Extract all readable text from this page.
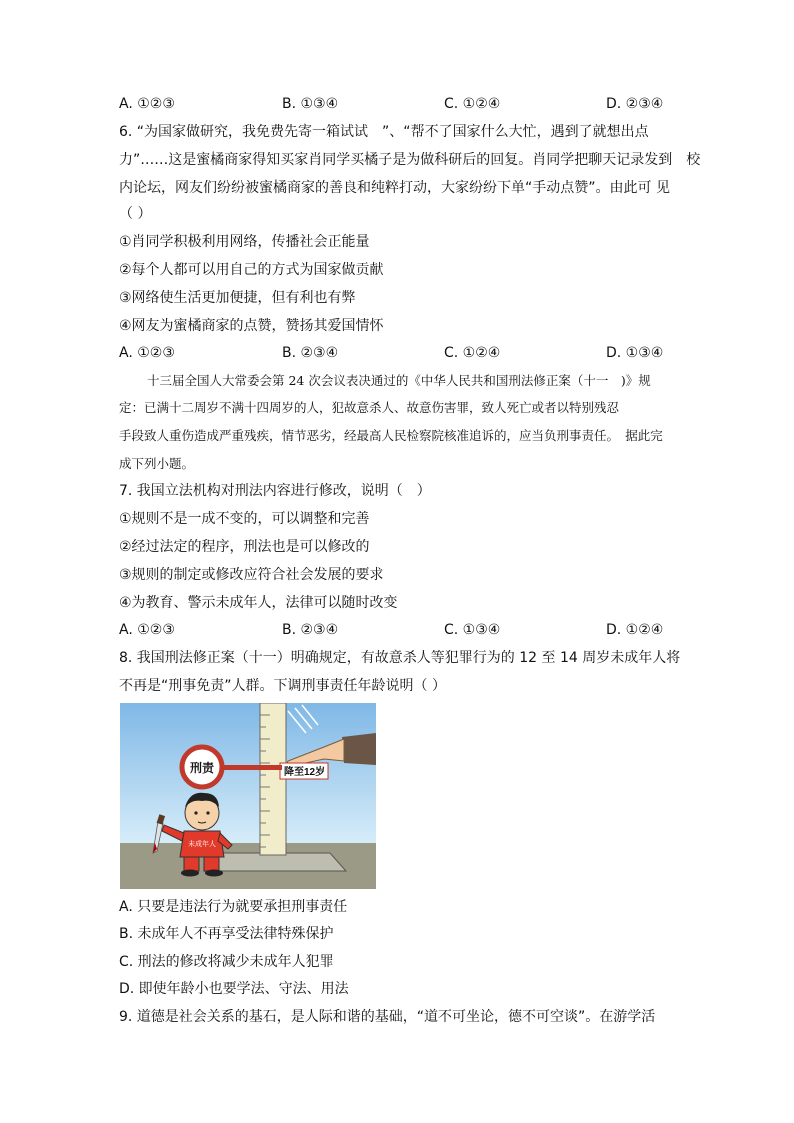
A. ①②③	B. ①③④	C. ①②④	D. ②③④
6. “为国家做研究，我免费先寄一箱试试　”、“帮不了国家什么大忙，遇到了就想出点
力”……这是蜜橘商家得知买家肖同学买橘子是为做科研后的回复。肖同学把聊天记录发到　校
内论坛，网友们纷纷被蜜橘商家的善良和纯粹打动，大家纷纷下单“手动点赞”。由此可 见
（ ）
①肖同学积极利用网络，传播社会正能量
②每个人都可以用自己的方式为国家做贡献
③网络使生活更加便捷，但有利也有弊
④网友为蜜橘商家的点赞，赞扬其爱国情怀
A. ①②③	B. ②③④	C. ①②④	D. ①③④
十三届全国人大常委会第 24 次会议表决通过的《中华人民共和国刑法修正案（十一　)》规
定：已满十二周岁不满十四周岁的人，犯故意杀人、故意伤害罪，致人死亡或者以特别残忍
手段致人重伤造成严重残疾，情节恶劣，经最高人民检察院核准追诉的，应当负刑事责任。　据此完
成下列小题。
7. 我国立法机构对刑法内容进行修改，说明（　）
①规则不是一成不变的，可以调整和完善
②经过法定的程序，刑法也是可以修改的
③规则的制定或修改应符合社会发展的要求
④为教育、警示未成年人，法律可以随时改变
A. ①②③	B. ②③④	C. ①③④	D. ①②④
8. 我国刑法修正案（十一）明确规定，有故意杀人等犯罪行为的 12 至 14 周岁未成年人将
不再是“刑事免责”人群。下调刑事责任年龄说明（ ）
降至12岁
刑责
未成年人
A. 只要是违法行为就要承担刑事责任
B. 未成年人不再享受法律特殊保护
C. 刑法的修改将减少未成年人犯罪
D. 即使年龄小也要学法、守法、用法
9. 道德是社会关系的基石，是人际和谐的基础，“道不可坐论，德不可空谈”。在游学活
